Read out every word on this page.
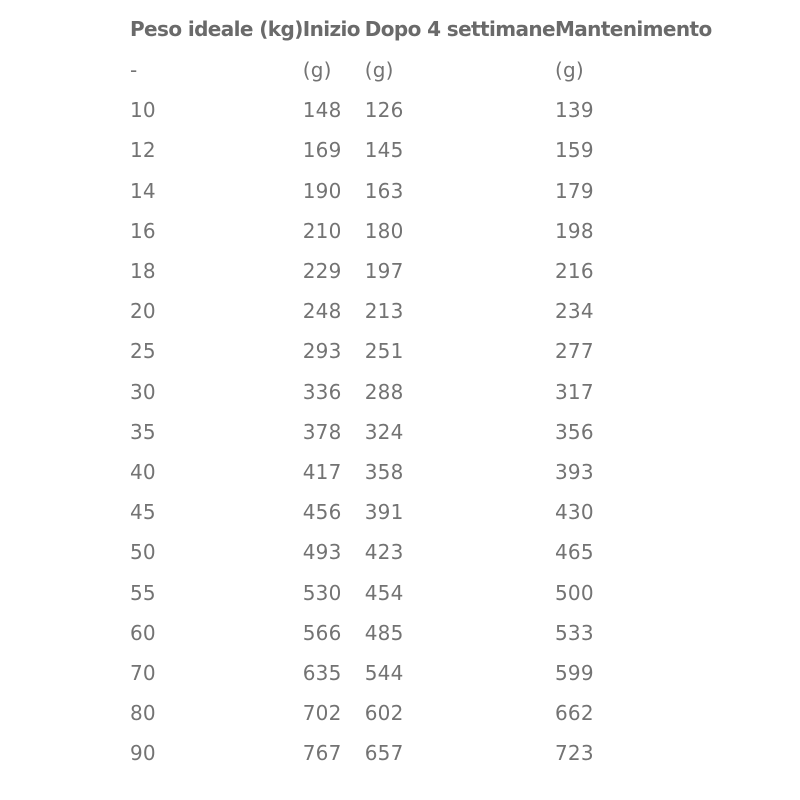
Peso ideale (kg)	Inizio	Dopo 4 settimane	Mantenimento
-	(g)	(g)	(g)
10	148	126	139
12	169	145	159
14	190	163	179
16	210	180	198
18	229	197	216
20	248	213	234
25	293	251	277
30	336	288	317
35	378	324	356
40	417	358	393
45	456	391	430
50	493	423	465
55	530	454	500
60	566	485	533
70	635	544	599
80	702	602	662
90	767	657	723
